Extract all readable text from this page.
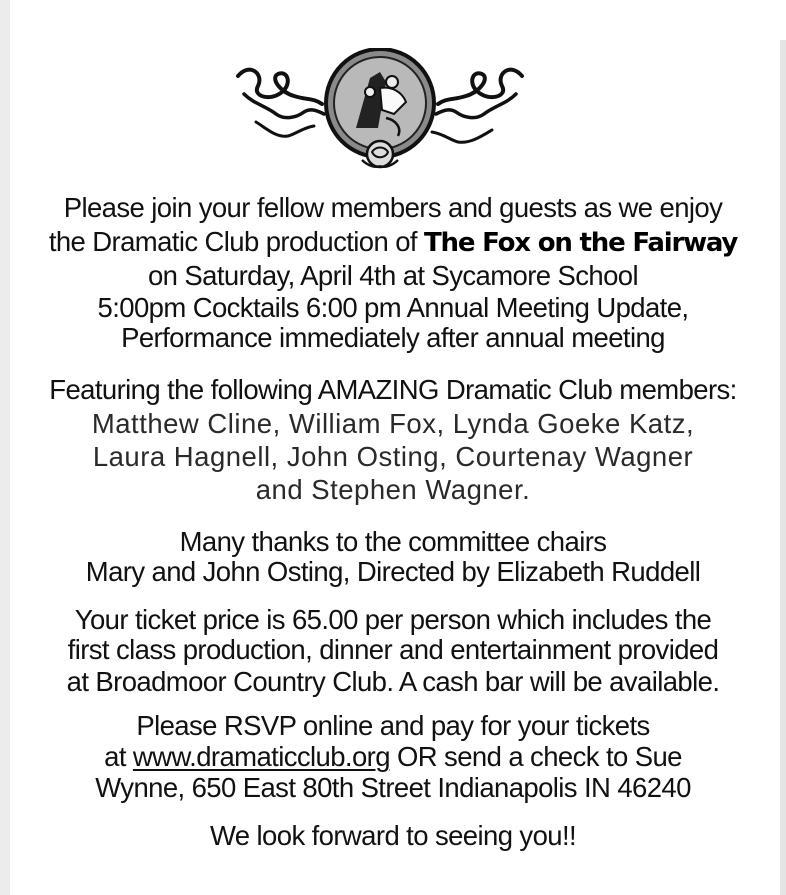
Please join your fellow members and guests as we enjoy
the Dramatic Club production of The Fox on the Fairway
on Saturday, April 4th at Sycamore School
5:00pm Cocktails 6:00 pm Annual Meeting Update,
Performance immediately after annual meeting
Featuring the following AMAZING Dramatic Club members:
Matthew Cline, William Fox, Lynda Goeke Katz,
Laura Hagnell, John Osting, Courtenay Wagner
and Stephen Wagner.
Many thanks to the committee chairs
Mary and John Osting, Directed by Elizabeth Ruddell
Your ticket price is 65.00 per person which includes the
first class production, dinner and entertainment provided
at Broadmoor Country Club. A cash bar will be available.
Please RSVP online and pay for your tickets
at www.dramaticclub.org OR send a check to Sue
Wynne, 650 East 80th Street Indianapolis IN 46240
We look forward to seeing you!!
